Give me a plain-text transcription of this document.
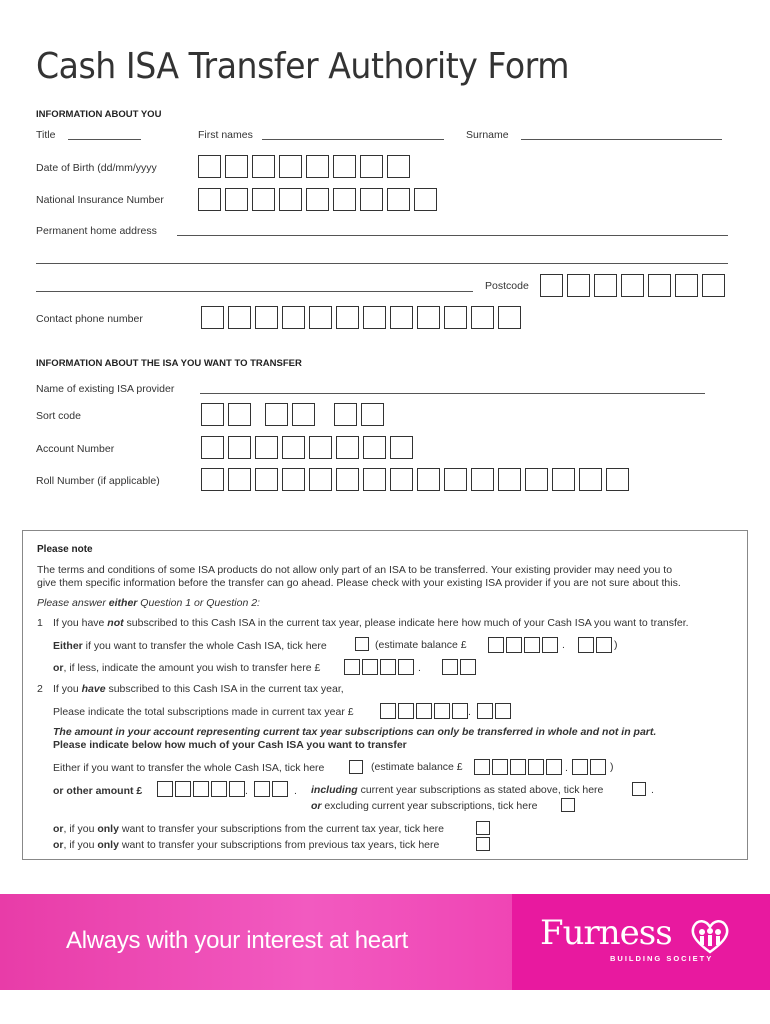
Cash ISA Transfer Authority Form
INFORMATION ABOUT YOU
Title	First names	Surname
Date of Birth (dd/mm/yyyy
National Insurance Number
Permanent home address
Postcode
Contact phone number
INFORMATION ABOUT THE ISA YOU WANT TO TRANSFER
Name of existing ISA provider
Sort code
Account Number
Roll Number (if applicable)
Please note
The terms and conditions of some ISA products do not allow only part of an ISA to be transferred. Your existing provider may need you to
give them specific information before the transfer can go ahead. Please check with your existing ISA provider if you are not sure about this.
Please answer either Question 1 or Question 2:
1 If you have not subscribed to this Cash ISA in the current tax year, please indicate here how much of your Cash ISA you want to transfer.
Either if you want to transfer the whole Cash ISA, tick here	(estimate balance £	.	)
or, if less, indicate the amount you wish to transfer here £	.
2 If you have subscribed to this Cash ISA in the current tax year,
Please indicate the total subscriptions made in current tax year £	.
The amount in your account representing current tax year subscriptions can only be transferred in whole and not in part.
Please indicate below how much of your Cash ISA you want to transfer
Either if you want to transfer the whole Cash ISA, tick here	(estimate balance £	.	)
or other amount £	.	. including current year subscriptions as stated above, tick here	.
or excluding current year subscriptions, tick here
or, if you only want to transfer your subscriptions from the current tax year, tick here
or, if you only want to transfer your subscriptions from previous tax years, tick here
Always with your interest at heart	Furness
BUILDING SOCIETY
